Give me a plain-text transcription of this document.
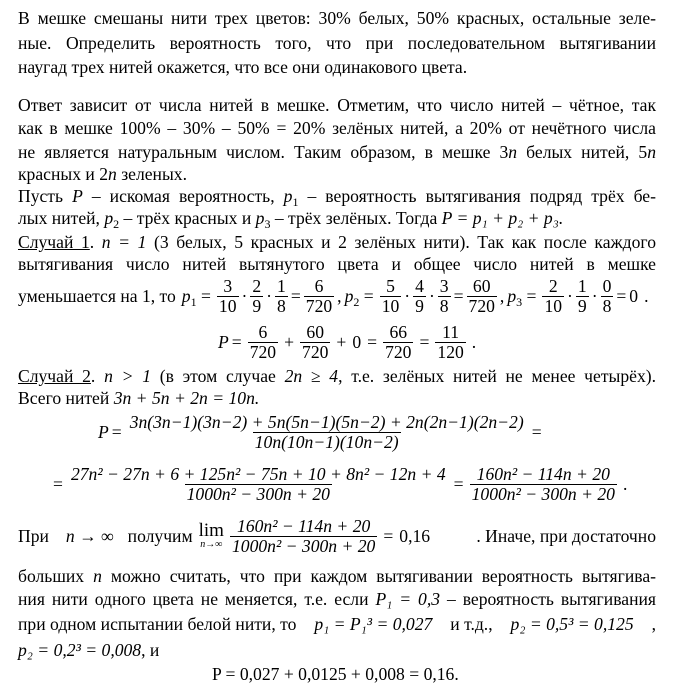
В мешке смешаны нити трех цветов: 30% белых, 50% красных, остальные зеле-
ные. Определить вероятность того, что при последовательном вытягивании
наугад трех нитей окажется, что все они одинакового цвета.
Ответ зависит от числа нитей в мешке. Отметим, что число нитей – чётное, так
как в мешке 100% – 30% – 50% = 20% зелёных нитей, а 20% от нечётного числа
не является натуральным числом. Таким образом, в мешке 3n белых нитей, 5n
красных и 2n зеленых.
Пусть P – искомая вероятность, $p_1$ – вероятность вытягивания подряд трёх бе-
лых нитей, $p_2$ – трёх красных и $p_3$ – трёх зелёных. Тогда P = p₁ + p₂ + p₃.
Случай 1. n = 1 (3 белых, 5 красных и 2 зелёных нити). Так как после каждого
вытягивания число нитей вытянутого цвета и общее число нитей в мешке
уменьшается на 1, то $p_1 = \frac{3}{10} \cdot \frac{2}{9} \cdot \frac{1}{8} = \frac{6}{720}$ , $p_2 = \frac{5}{10} \cdot \frac{4}{9} \cdot \frac{3}{8} = \frac{60}{720}$ , $p_3 = \frac{2}{10} \cdot \frac{1}{9} \cdot \frac{0}{8} = 0$ .
$P = \frac{6}{720} + \frac{60}{720} + 0 = \frac{66}{720} = \frac{11}{120}$ .
Случай 2. n > 1 (в этом случае 2n ≥ 4, т.е. зелёных нитей не менее четырёх).
Всего нитей 3n + 5n + 2n = 10n.
$P = \frac{3n(3n-1)(3n-2) + 5n(5n-1)(5n-2) + 2n(2n-1)(2n-2)}{10n(10n-1)(10n-2)}$ =
= $\frac{\text{27n² − 27n + 6 + 125n² − 75n + 10 + 8n² − 12n + 4}}{\text{1000n² − 300n + 20}} = \frac{\text{160n² − 114n + 20}}{\text{1000n² − 300n + 20}}$ .
При n → ∞ получим lim
$n\to\infty \frac{\text{160n² − 114n + 20}}{\text{1000n² − 300n + 20}} = 0,16$	. Иначе, при достаточно
больших n можно считать, что при каждом вытягивании вероятность вытягива-
ния нити одного цвета не меняется, т.е. если P₁ = 0,3 – вероятность вытягивания
при одном испытании белой нити, то p₁ = P₁³ = 0,027 и т.д., p₂ = 0,5³ = 0,125 ,
p₂ = 0,2³ = 0,008, и
P = 0,027 + 0,0125 + 0,008 = 0,16.
